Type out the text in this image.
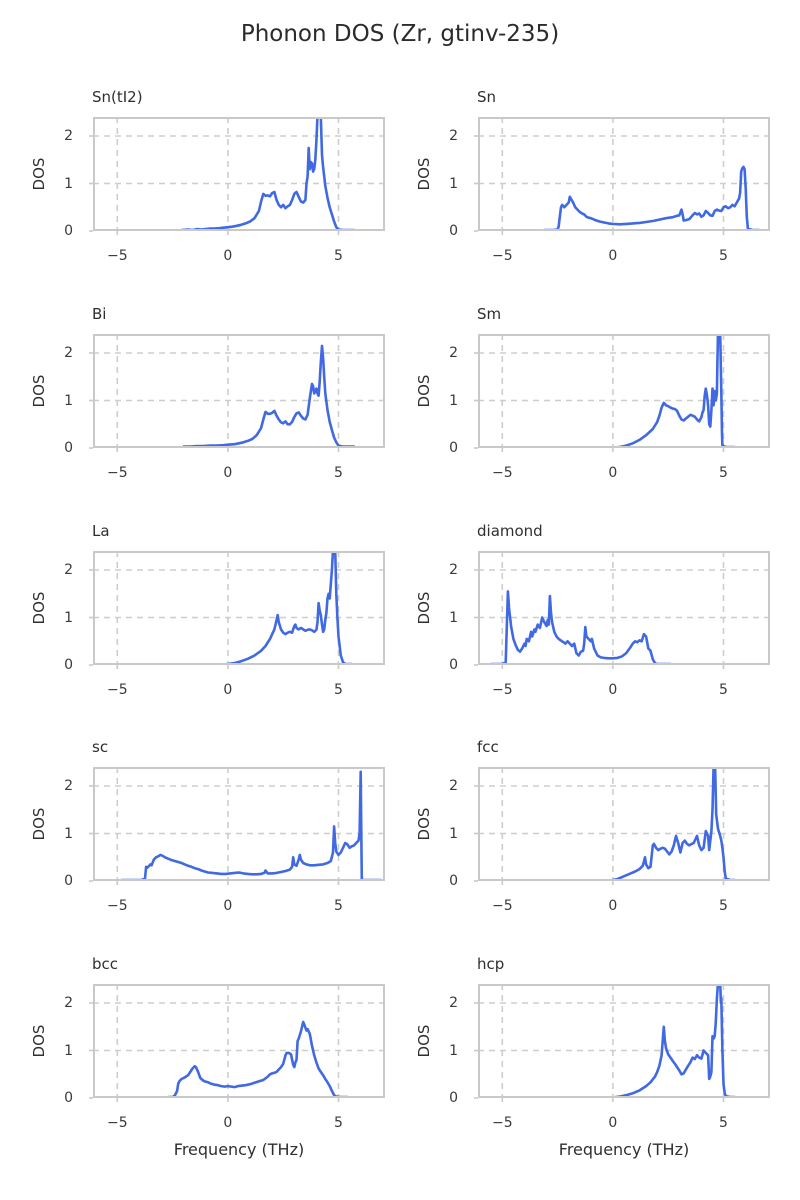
Phonon DOS (Zr, gtinv-235)
Sn(tI2)
DOS
−5	0	5
0
1
2
Sn
DOS
−5	0	5
0
1
2
Bi
DOS
−5	0	5
0
1
2
Sm
DOS
−5	0	5
0
1
2
La
DOS
−5	0	5
0
1
2
diamond
DOS
−5	0	5
0
1
2
sc
DOS
−5	0	5
0
1
2
fcc
DOS
−5	0	5
0
1
2
bcc
DOS
−5	0	5
0
1
2
Frequency (THz)
hcp
DOS
−5	0	5
0
1
2
Frequency (THz)
